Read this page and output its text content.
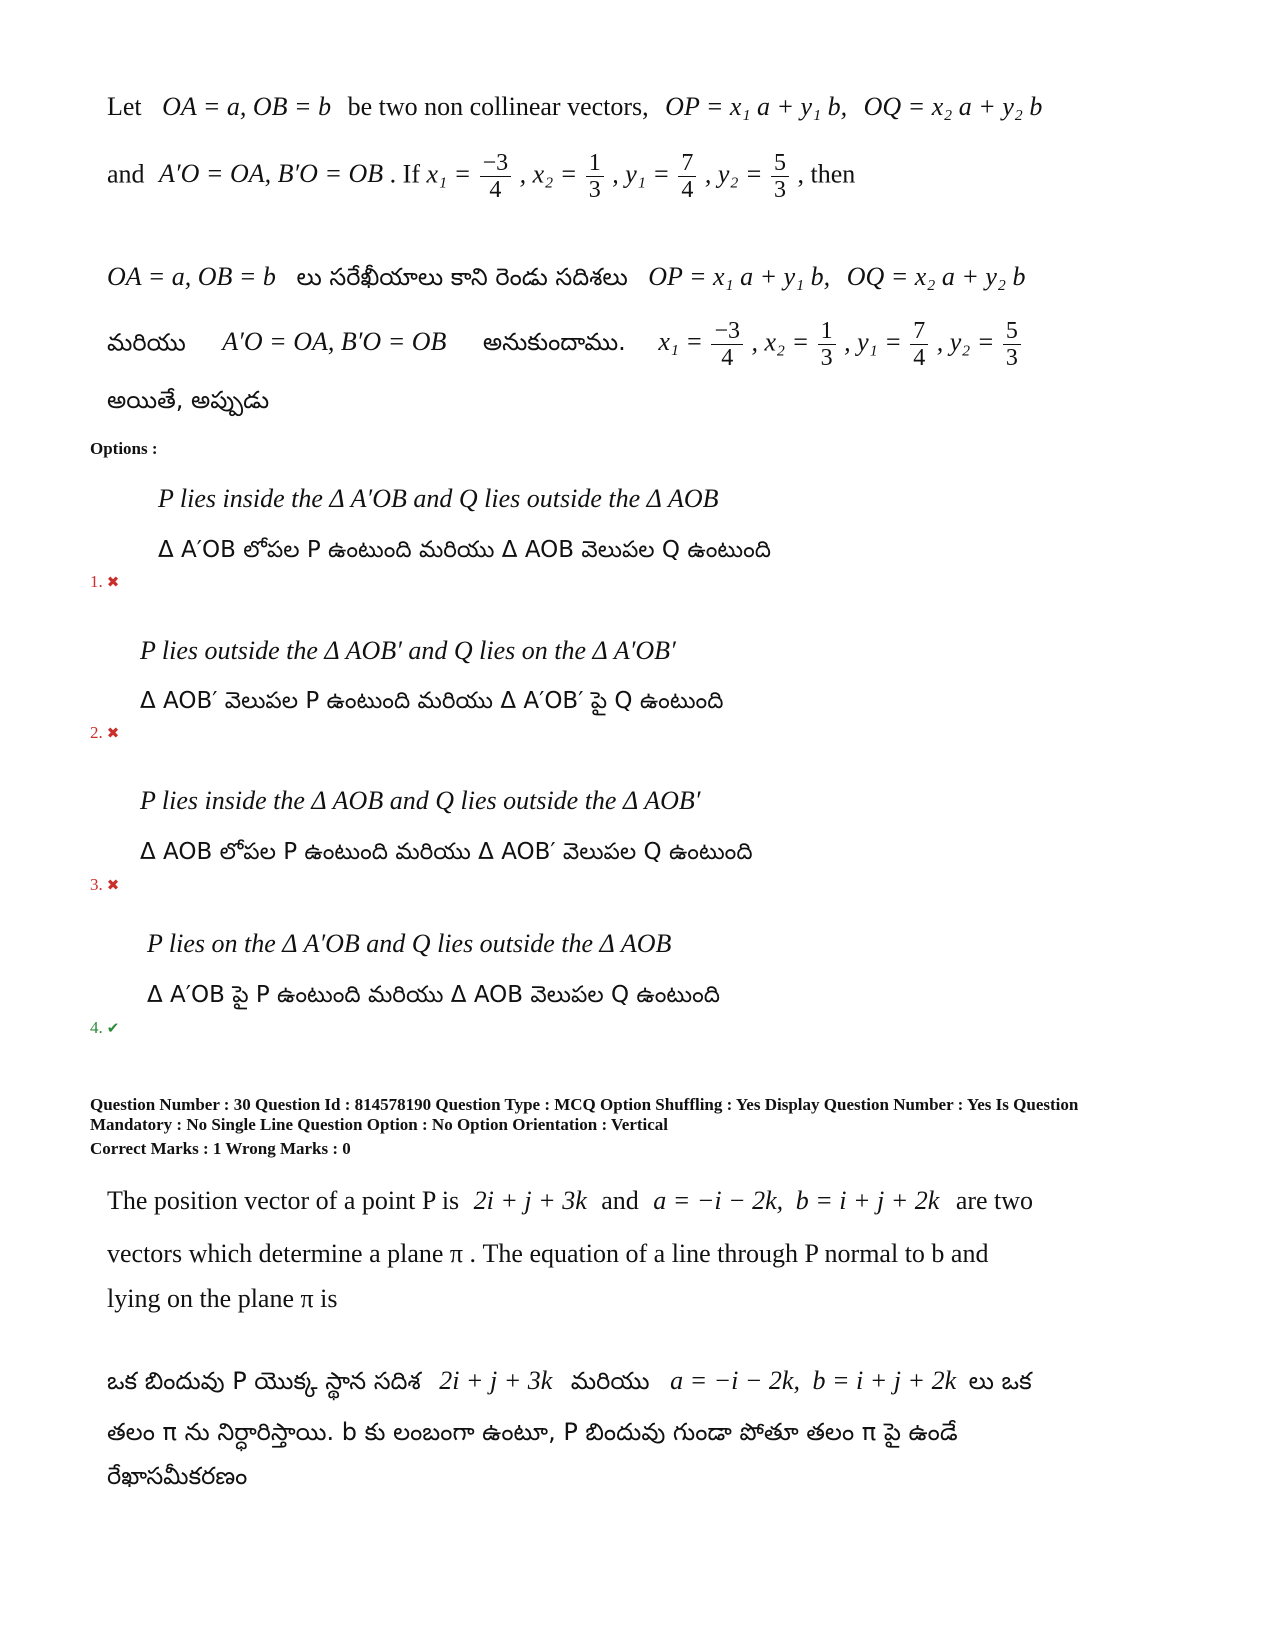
Let OA = a, OB = b be two non collinear vectors, OP = x₁ a + y₁ b, OQ = x₂ a + y₂ b
and A′O = OA, B′O = OB . If $x_1 = \frac{-3}{4}$ , $x_2 = \frac{1}{3}$ , $y_1 = \frac{7}{4}$ , $y_2 = \frac{5}{3}$ , then
OA = a, OB = b లు సరేఖీయాలు కాని రెండు సదిశలు OP = x₁ a + y₁ b, OQ = x₂ a + y₂ b
మరియు A′O = OA, B′O = OB అనుకుందాము. $x_1 = \frac{-3}{4}$ , $x_2 = \frac{1}{3}$ , $y_1 = \frac{7}{4}$ , $y_2 = \frac{5}{3}$
అయితే, అప్పుడు
Options :
P lies inside the Δ A′OB and Q lies outside the Δ AOB
Δ A′OB లోపల P ఉంటుంది మరియు Δ AOB వెలుపల Q ఉంటుంది
1. ✖
P lies outside the Δ AOB′ and Q lies on the Δ A′OB′
Δ AOB′ వెలుపల P ఉంటుంది మరియు Δ A′OB′ పై Q ఉంటుంది
2. ✖
P lies inside the Δ AOB and Q lies outside the Δ AOB′
Δ AOB లోపల P ఉంటుంది మరియు Δ AOB′ వెలుపల Q ఉంటుంది
3. ✖
P lies on the Δ A′OB and Q lies outside the Δ AOB
Δ A′OB పై P ఉంటుంది మరియు Δ AOB వెలుపల Q ఉంటుంది
4. ✔
Question Number : 30 Question Id : 814578190 Question Type : MCQ Option Shuffling : Yes Display Question Number : Yes Is Question
Mandatory : No Single Line Question Option : No Option Orientation : Vertical
Correct Marks : 1 Wrong Marks : 0
The position vector of a point P is 2i + j + 3k and a = −i − 2k, b = i + j + 2k are two
vectors which determine a plane π . The equation of a line through P normal to b and
lying on the plane π is
ఒక బిందువు P యొక్క స్థాన సదిశ 2i + j + 3k మరియు a = −i − 2k, b = i + j + 2k లు ఒక
తలం π ను నిర్ధారిస్తాయి. b కు లంబంగా ఉంటూ, P బిందువు గుండా పోతూ తలం π పై ఉండే
రేఖాసమీకరణం
